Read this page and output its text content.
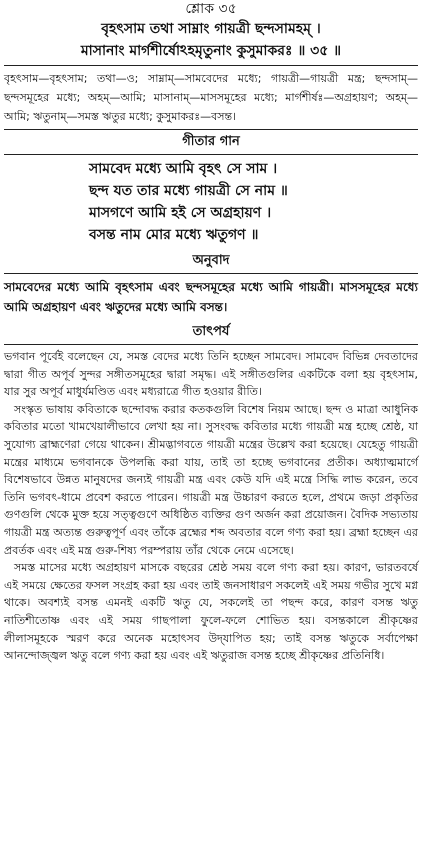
শ্লোক ৩৫
বৃহৎসাম তথা সাম্নাং গায়ত্রী ছন্দসামহম্‌ ।
মাসানাং মার্গশীর্ষোঽহমৃতুনাং কুসুমাকরঃ ॥ ৩৫ ॥

বৃহৎসাম—বৃহৎসাম; তথা—ও; সাম্নাম্—সামবেদের মধ্যে; গায়ত্রী—গায়ত্রী মন্ত্র; ছন্দসাম্—ছন্দসমূহের মধ্যে; অহম্—আমি; মাসানাম্—মাসসমূহের মধ্যে; মার্গশীর্ষঃ—অগ্রহায়ণ; অহম্—আমি; ঋতুনাম্—সমস্ত ঋতুর মধ্যে; কুসুমাকরঃ—বসন্ত।

গীতার গান
সামবেদ মধ্যে আমি বৃহৎ সে সাম ।
ছন্দ যত তার মধ্যে গায়ত্রী সে নাম ॥
মাসগণে আমি হই সে অগ্রহায়ণ ।
বসন্ত নাম মোর মধ্যে ঋতুগণ ॥
অনুবাদ
সামবেদের মধ্যে আমি বৃহৎসাম এবং ছন্দসমূহের মধ্যে আমি গায়ত্রী। মাসসমূহের মধ্যে আমি অগ্রহায়ণ এবং ঋতুদের মধ্যে আমি বসন্ত।
তাৎপর্য

ভগবান পূর্বেই বলেছেন যে, সমস্ত বেদের মধ্যে তিনি হচ্ছেন সামবেদ। সামবেদ বিভিন্ন দেবতাদের দ্বারা গীত অপূর্ব সুন্দর সঙ্গীতসমূহের দ্বারা সমৃদ্ধ। এই সঙ্গীতগুলির একটিকে বলা হয় বৃহৎসাম, যার সুর অপূর্ব মাধুর্যমণ্ডিত এবং মধ্যরাত্রে গীত হওয়ার রীতি।

সংস্কৃত ভাষায় কবিতাকে ছন্দোবদ্ধ করার কতকগুলি বিশেষ নিয়ম আছে। ছন্দ ও মাত্রা আধুনিক কবিতার মতো খামখেয়ালীভাবে লেখা হয় না। সুসংবদ্ধ কবিতার মধ্যে গায়ত্রী মন্ত্র হচ্ছে শ্রেষ্ঠ, যা সুযোগ্য ব্রাহ্মণেরা গেয়ে থাকেন। শ্রীমদ্ভাগবতে গায়ত্রী মন্ত্রের উল্লেখ করা হয়েছে। যেহেতু গায়ত্রী মন্ত্রের মাধ্যমে ভগবানকে উপলব্ধি করা যায়, তাই তা হচ্ছে ভগবানের প্রতীক। অধ্যাত্মমার্গে বিশেষভাবে উন্নত মানুষদের জন্যই গায়ত্রী মন্ত্র এবং কেউ যদি এই মন্ত্রে সিদ্ধি লাভ করেন, তবে তিনি ভগবৎ-ধামে প্রবেশ করতে পারেন। গায়ত্রী মন্ত্র উচ্চারণ করতে হলে, প্রথমে জড়া প্রকৃতির গুণগুলি থেকে মুক্ত হয়ে সত্ত্বগুণে অধিষ্ঠিত ব্যক্তির গুণ অর্জন করা প্রয়োজন। বৈদিক সভ্যতায় গায়ত্রী মন্ত্র অত্যন্ত গুরুত্বপূর্ণ এবং তাঁকে ব্রহ্মের শব্দ অবতার বলে গণ্য করা হয়। ব্রহ্মা হচ্ছেন এর প্রবর্তক এবং এই মন্ত্র গুরু-শিষ্য পরম্পরায় তাঁর থেকে নেমে এসেছে।

সমস্ত মাসের মধ্যে অগ্রহায়ণ মাসকে বছরের শ্রেষ্ঠ সময় বলে গণ্য করা হয়। কারণ, ভারতবর্ষে এই সময়ে ক্ষেতের ফসল সংগ্রহ করা হয় এবং তাই জনসাধারণ সকলেই এই সময় গভীর সুখে মগ্ন থাকে। অবশ্যই বসন্ত এমনই একটি ঋতু যে, সকলেই তা পছন্দ করে, কারণ বসন্ত ঋতু নাতিশীতোষ্ণ এবং এই সময় গাছপালা ফুলে-ফলে শোভিত হয়। বসন্তকালে শ্রীকৃষ্ণের লীলাসমূহকে স্মরণ করে অনেক মহোৎসব উদ্‌যাপিত হয়; তাই বসন্ত ঋতুকে সর্বাপেক্ষা আনন্দোজ্জ্বল ঋতু বলে গণ্য করা হয় এবং এই ঋতুরাজ বসন্ত হচ্ছে শ্রীকৃষ্ণের প্রতিনিধি।
